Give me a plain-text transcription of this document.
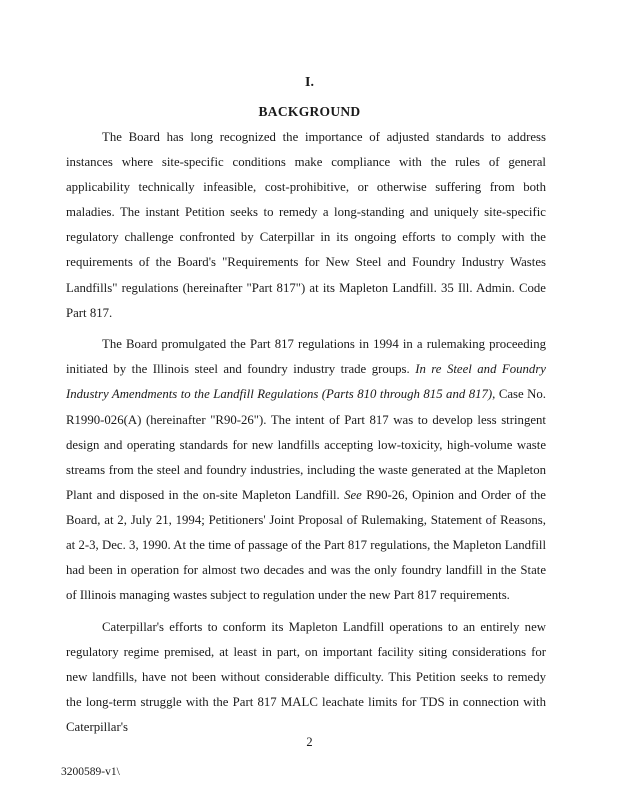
I.
BACKGROUND

The Board has long recognized the importance of adjusted standards to address instances where site-specific conditions make compliance with the rules of general applicability technically infeasible, cost-prohibitive, or otherwise suffering from both maladies. The instant Petition seeks to remedy a long-standing and uniquely site-specific regulatory challenge confronted by Caterpillar in its ongoing efforts to comply with the requirements of the Board's "Requirements for New Steel and Foundry Industry Wastes Landfills" regulations (hereinafter "Part 817") at its Mapleton Landfill. 35 Ill. Admin. Code Part 817.

The Board promulgated the Part 817 regulations in 1994 in a rulemaking proceeding initiated by the Illinois steel and foundry industry trade groups. In re Steel and Foundry Industry Amendments to the Landfill Regulations (Parts 810 through 815 and 817), Case No. R1990-026(A) (hereinafter "R90-26"). The intent of Part 817 was to develop less stringent design and operating standards for new landfills accepting low-toxicity, high-volume waste streams from the steel and foundry industries, including the waste generated at the Mapleton Plant and disposed in the on-site Mapleton Landfill. See R90-26, Opinion and Order of the Board, at 2, July 21, 1994; Petitioners' Joint Proposal of Rulemaking, Statement of Reasons, at 2-3, Dec. 3, 1990. At the time of passage of the Part 817 regulations, the Mapleton Landfill had been in operation for almost two decades and was the only foundry landfill in the State of Illinois managing wastes subject to regulation under the new Part 817 requirements.

Caterpillar's efforts to conform its Mapleton Landfill operations to an entirely new regulatory regime premised, at least in part, on important facility siting considerations for new landfills, have not been without considerable difficulty. This Petition seeks to remedy the long-term struggle with the Part 817 MALC leachate limits for TDS in connection with Caterpillar's

2
3200589-v1\
